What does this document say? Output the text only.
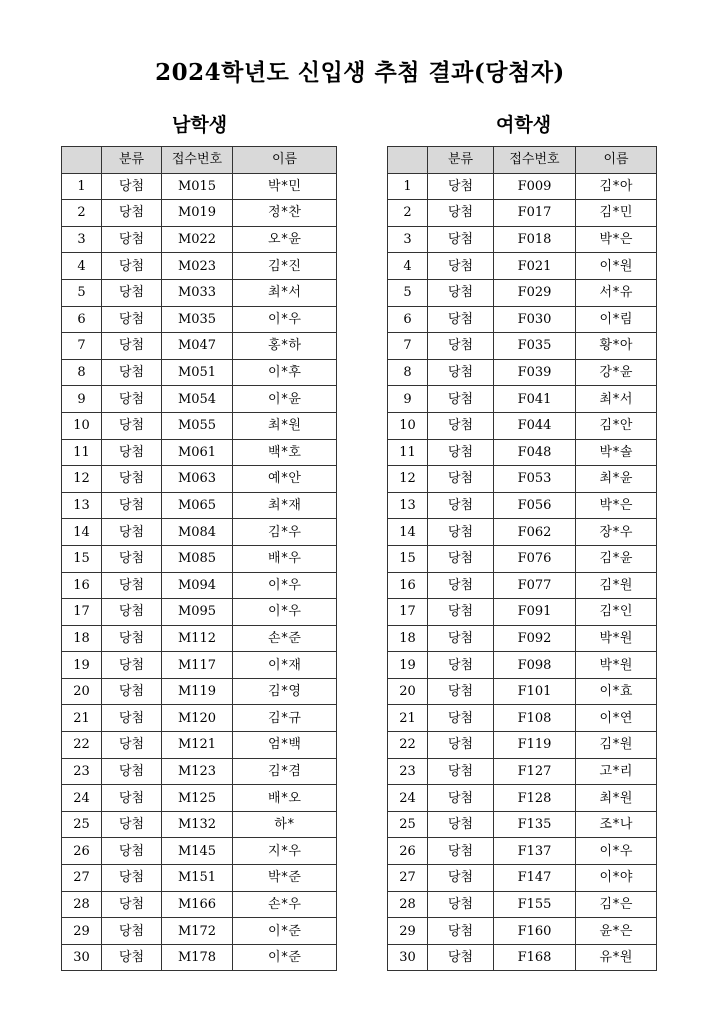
2024학년도 신입생 추첨 결과(당첨자)
남학생	여학생
	분류	접수번호	이름
1	당첨	M015	박*민
2	당첨	M019	정*찬
3	당첨	M022	오*윤
4	당첨	M023	김*진
5	당첨	M033	최*서
6	당첨	M035	이*우
7	당첨	M047	홍*하
8	당첨	M051	이*후
9	당첨	M054	이*윤
10	당첨	M055	최*원
11	당첨	M061	백*호
12	당첨	M063	예*안
13	당첨	M065	최*재
14	당첨	M084	김*우
15	당첨	M085	배*우
16	당첨	M094	이*우
17	당첨	M095	이*우
18	당첨	M112	손*준
19	당첨	M117	이*재
20	당첨	M119	김*영
21	당첨	M120	김*규
22	당첨	M121	엄*백
23	당첨	M123	김*겸
24	당첨	M125	배*오
25	당첨	M132	하*
26	당첨	M145	지*우
27	당첨	M151	박*준
28	당첨	M166	손*우
29	당첨	M172	이*준
30	당첨	M178	이*준
	분류	접수번호	이름
1	당첨	F009	김*아
2	당첨	F017	김*민
3	당첨	F018	박*은
4	당첨	F021	이*원
5	당첨	F029	서*유
6	당첨	F030	이*림
7	당첨	F035	황*아
8	당첨	F039	강*윤
9	당첨	F041	최*서
10	당첨	F044	김*안
11	당첨	F048	박*솔
12	당첨	F053	최*윤
13	당첨	F056	박*은
14	당첨	F062	장*우
15	당첨	F076	김*윤
16	당첨	F077	김*원
17	당첨	F091	김*인
18	당첨	F092	박*원
19	당첨	F098	박*원
20	당첨	F101	이*효
21	당첨	F108	이*연
22	당첨	F119	김*원
23	당첨	F127	고*리
24	당첨	F128	최*원
25	당첨	F135	조*나
26	당첨	F137	이*우
27	당첨	F147	이*야
28	당첨	F155	김*은
29	당첨	F160	윤*은
30	당첨	F168	유*원
